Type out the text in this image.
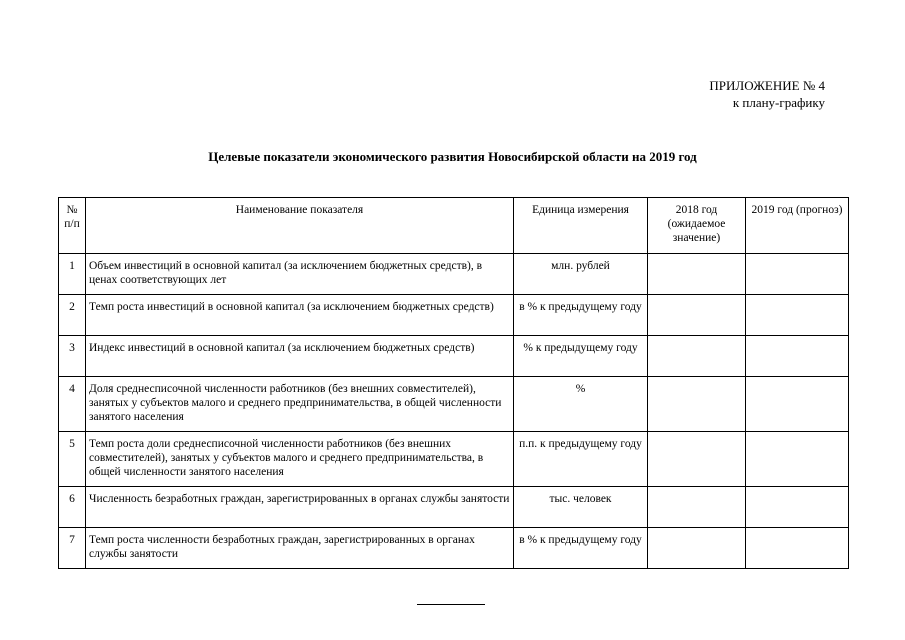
ПРИЛОЖЕНИЕ № 4
к плану-графику
Целевые показатели экономического развития Новосибирской области на 2019 год
№ п/п	Наименование показателя	Единица измерения	2018 год (ожидаемое значение)	2019 год (прогноз)
1	Объем инвестиций в основной капитал (за исключением бюджетных средств), в ценах соответствующих лет	млн. рублей		
2	Темп роста инвестиций в основной капитал (за исключением бюджетных средств)	в % к предыдущему году		
3	Индекс инвестиций в основной капитал (за исключением бюджетных средств)	% к предыдущему году		
4	Доля среднесписочной численности работников (без внешних совместителей), занятых у субъектов малого и среднего предпринимательства, в общей численности занятого населения	%		
5	Темп роста доли среднесписочной численности работников (без внешних совместителей), занятых у субъектов малого и среднего предпринимательства, в общей численности занятого населения	п.п. к предыдущему году		
6	Численность безработных граждан, зарегистрированных в органах службы занятости	тыс. человек		
7	Темп роста численности безработных граждан, зарегистрированных в органах службы занятости	в % к предыдущему году		
